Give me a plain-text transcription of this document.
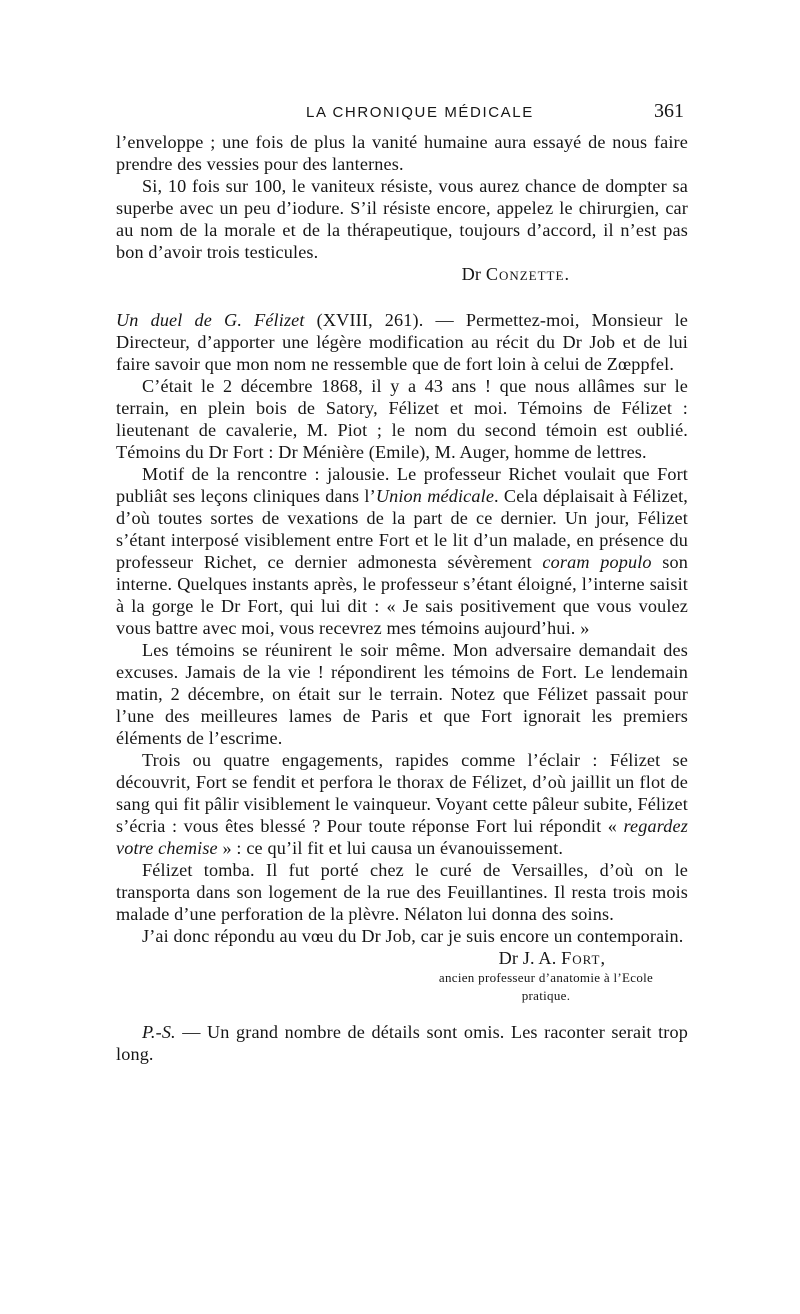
LA CHRONIQUE MÉDICALE	361

l’enveloppe ; une fois de plus la vanité humaine aura essayé de nous faire prendre des vessies pour des lanternes.

Si, 10 fois sur 100, le vaniteux résiste, vous aurez chance de dompter sa superbe avec un peu d’iodure. S’il résiste encore, appelez le chirurgien, car au nom de la morale et de la thérapeutique, toujours d’accord, il n’est pas bon d’avoir trois testicules.

Dr Conzette.

Un duel de G. Félizet (XVIII, 261). — Permettez-moi, Monsieur le Directeur, d’apporter une légère modification au récit du Dr Job et de lui faire savoir que mon nom ne ressemble que de fort loin à celui de Zœppfel.

C’était le 2 décembre 1868, il y a 43 ans ! que nous allâmes sur le terrain, en plein bois de Satory, Félizet et moi. Témoins de Félizet : lieutenant de cavalerie, M. Piot ; le nom du second témoin est oublié. Témoins du Dr Fort : Dr Ménière (Emile), M. Auger, homme de lettres.

Motif de la rencontre : jalousie. Le professeur Richet voulait que Fort publiât ses leçons cliniques dans l’Union médicale. Cela déplaisait à Félizet, d’où toutes sortes de vexations de la part de ce dernier. Un jour, Félizet s’étant interposé visiblement entre Fort et le lit d’un malade, en présence du professeur Richet, ce dernier admonesta sévèrement coram populo son interne. Quelques instants après, le professeur s’étant éloigné, l’interne saisit à la gorge le Dr Fort, qui lui dit : « Je sais positivement que vous voulez vous battre avec moi, vous recevrez mes témoins aujourd’hui. »

Les témoins se réunirent le soir même. Mon adversaire demandait des excuses. Jamais de la vie ! répondirent les témoins de Fort. Le lendemain matin, 2 décembre, on était sur le terrain. Notez que Félizet passait pour l’une des meilleures lames de Paris et que Fort ignorait les premiers éléments de l’escrime.

Trois ou quatre engagements, rapides comme l’éclair : Félizet se découvrit, Fort se fendit et perfora le thorax de Félizet, d’où jaillit un flot de sang qui fit pâlir visiblement le vainqueur. Voyant cette pâleur subite, Félizet s’écria : vous êtes blessé ? Pour toute réponse Fort lui répondit « regardez votre chemise » : ce qu’il fit et lui causa un évanouissement.

Félizet tomba. Il fut porté chez le curé de Versailles, d’où on le transporta dans son logement de la rue des Feuillantines. Il resta trois mois malade d’une perforation de la plèvre. Nélaton lui donna des soins.

J’ai donc répondu au vœu du Dr Job, car je suis encore un contemporain.

Dr J. A. Fort,

ancien professeur d’anatomie à l’Ecole pratique.

P.-S. — Un grand nombre de détails sont omis. Les raconter serait trop long.
